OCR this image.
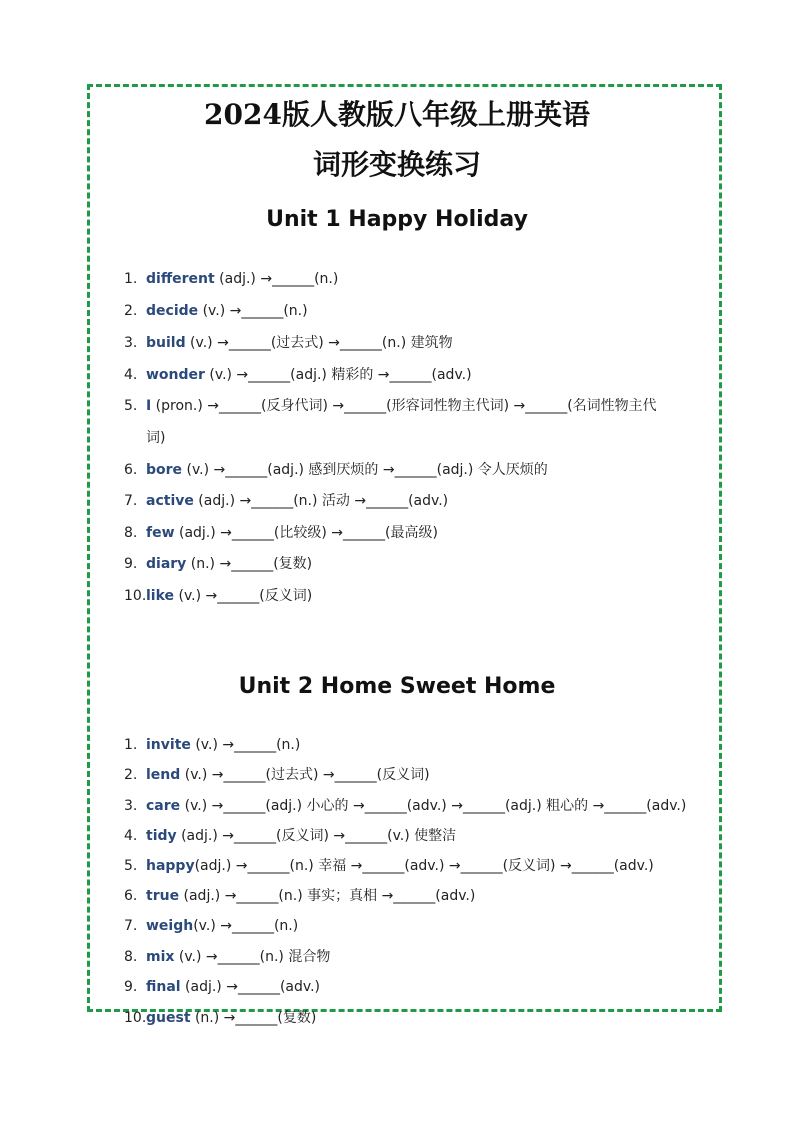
2024版人教版八年级上册英语
词形变换练习
Unit 1 Happy Holiday
1. different (adj.) →______(n.)
2. decide (v.) →______(n.)
3. build (v.) →______(过去式) →______(n.) 建筑物
4. wonder (v.) →______(adj.) 精彩的 →______(adv.)
5. I (pron.) →______(反身代词) →______(形容词性物主代词) →______(名词性物主代
词)
6. bore (v.) →______(adj.) 感到厌烦的 →______(adj.) 令人厌烦的
7. active (adj.) →______(n.) 活动 →______(adv.)
8. few (adj.) →______(比较级) →______(最高级)
9. diary (n.) →______(复数)
10.like (v.) →______(反义词)
Unit 2 Home Sweet Home
1. invite (v.) →______(n.)
2. lend (v.) →______(过去式) →______(反义词)
3. care (v.) →______(adj.) 小心的 →______(adv.) →______(adj.) 粗心的 →______(adv.)
4. tidy (adj.) →______(反义词) →______(v.) 使整洁
5. happy(adj.) →______(n.) 幸福 →______(adv.) →______(反义词) →______(adv.)
6. true (adj.) →______(n.) 事实；真相 →______(adv.)
7. weigh(v.) →______(n.)
8. mix (v.) →______(n.) 混合物
9. final (adj.) →______(adv.)
10.guest (n.) →______(复数)
